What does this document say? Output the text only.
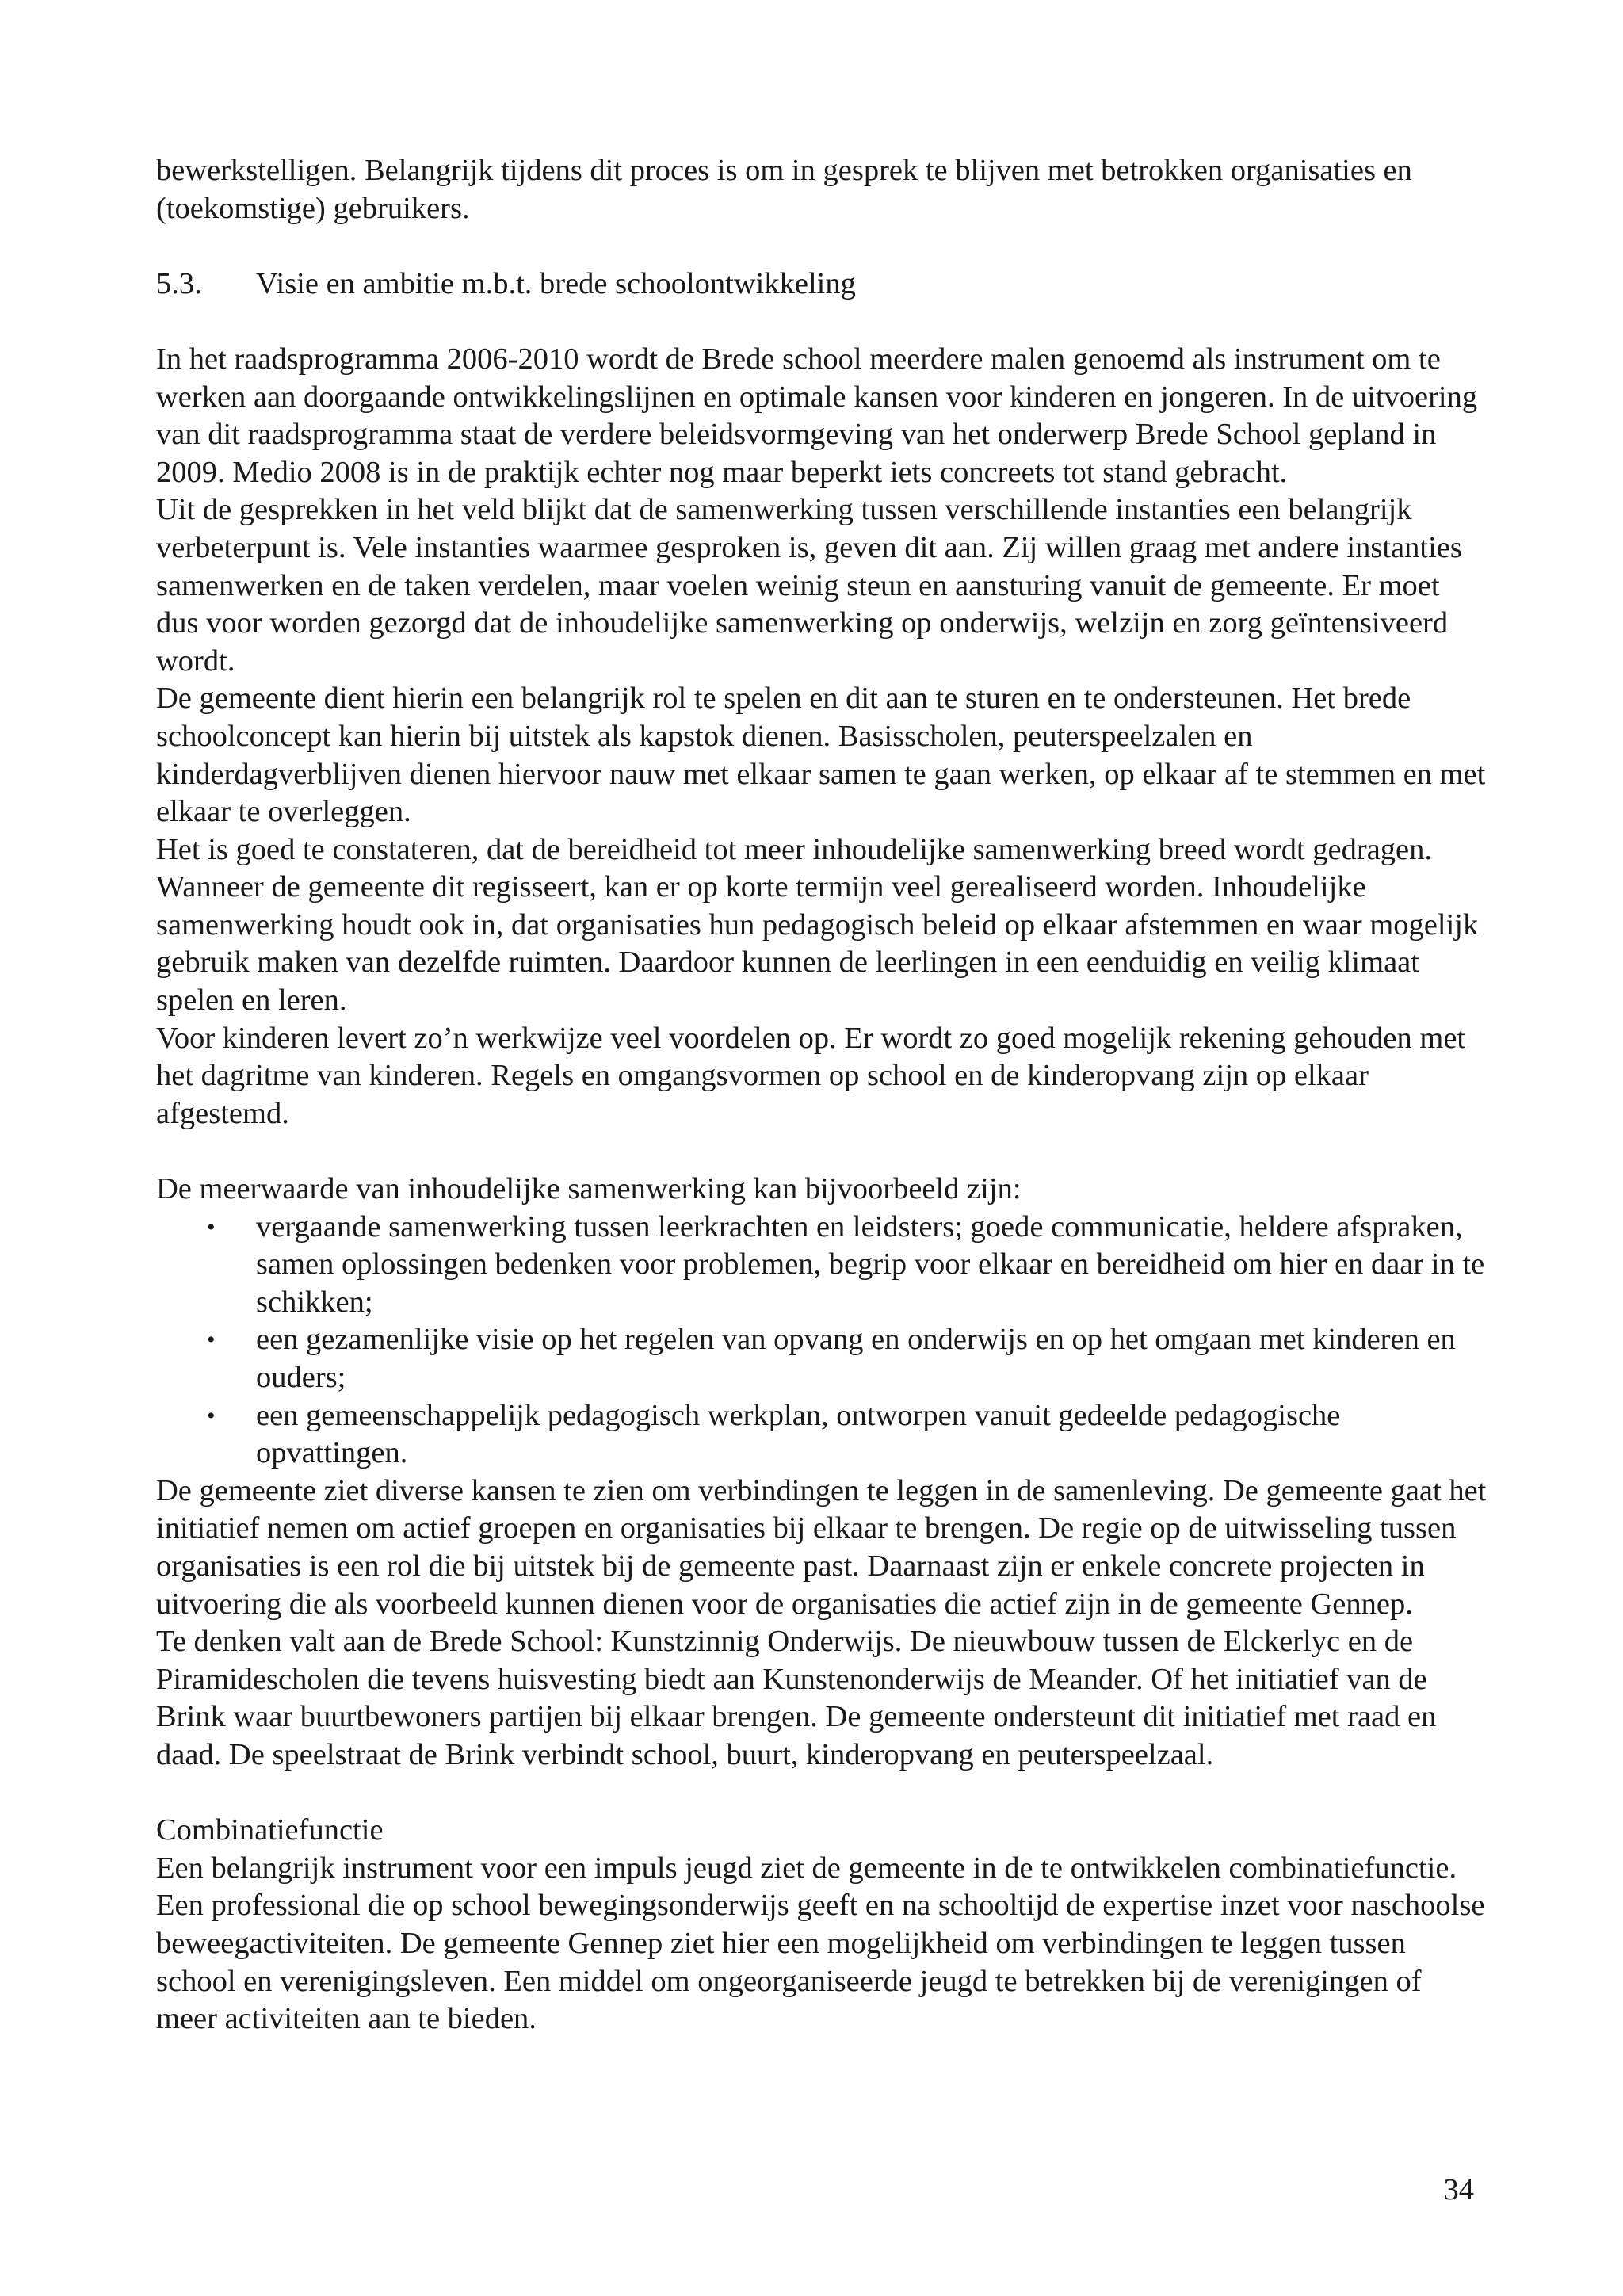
bewerkstelligen. Belangrijk tijdens dit proces is om in gesprek te blijven met betrokken organisaties en (toekomstige) gebruikers.

5.3.	Visie en ambitie m.b.t. brede schoolontwikkeling

In het raadsprogramma 2006-2010 wordt de Brede school meerdere malen genoemd als instrument om te werken aan doorgaande ontwikkelingslijnen en optimale kansen voor kinderen en jongeren. In de uitvoering van dit raadsprogramma staat de verdere beleidsvormgeving van het onderwerp Brede School gepland in 2009. Medio 2008 is in de praktijk echter nog maar beperkt iets concreets tot stand gebracht.

Uit de gesprekken in het veld blijkt dat de samenwerking tussen verschillende instanties een belangrijk verbeterpunt is. Vele instanties waarmee gesproken is, geven dit aan. Zij willen graag met andere instanties samenwerken en de taken verdelen, maar voelen weinig steun en aansturing vanuit de gemeente. Er moet dus voor worden gezorgd dat de inhoudelijke samenwerking op onderwijs, welzijn en zorg geïntensiveerd wordt.

De gemeente dient hierin een belangrijk rol te spelen en dit aan te sturen en te ondersteunen. Het brede schoolconcept kan hierin bij uitstek als kapstok dienen. Basisscholen, peuterspeelzalen en kinderdagverblijven dienen hiervoor nauw met elkaar samen te gaan werken, op elkaar af te stemmen en met elkaar te overleggen.

Het is goed te constateren, dat de bereidheid tot meer inhoudelijke samenwerking breed wordt gedragen. Wanneer de gemeente dit regisseert, kan er op korte termijn veel gerealiseerd worden. Inhoudelijke samenwerking houdt ook in, dat organisaties hun pedagogisch beleid op elkaar afstemmen en waar mogelijk gebruik maken van dezelfde ruimten. Daardoor kunnen de leerlingen in een eenduidig en veilig klimaat spelen en leren.

Voor kinderen levert zo’n werkwijze veel voordelen op. Er wordt zo goed mogelijk rekening gehouden met het dagritme van kinderen. Regels en omgangsvormen op school en de kinderopvang zijn op elkaar afgestemd.

De meerwaarde van inhoudelijke samenwerking kan bijvoorbeeld zijn:

• vergaande samenwerking tussen leerkrachten en leidsters; goede communicatie, heldere afspraken, samen oplossingen bedenken voor problemen, begrip voor elkaar en bereidheid om hier en daar in te schikken;
• een gezamenlijke visie op het regelen van opvang en onderwijs en op het omgaan met kinderen en ouders;
• een gemeenschappelijk pedagogisch werkplan, ontworpen vanuit gedeelde pedagogische opvattingen.

De gemeente ziet diverse kansen te zien om verbindingen te leggen in de samenleving. De gemeente gaat het initiatief nemen om actief groepen en organisaties bij elkaar te brengen. De regie op de uitwisseling tussen organisaties is een rol die bij uitstek bij de gemeente past. Daarnaast zijn er enkele concrete projecten in uitvoering die als voorbeeld kunnen dienen voor de organisaties die actief zijn in de gemeente Gennep.

Te denken valt aan de Brede School: Kunstzinnig Onderwijs. De nieuwbouw tussen de Elckerlyc en de Piramidescholen die tevens huisvesting biedt aan Kunstenonderwijs de Meander. Of het initiatief van de Brink waar buurtbewoners partijen bij elkaar brengen. De gemeente ondersteunt dit initiatief met raad en daad. De speelstraat de Brink verbindt school, buurt, kinderopvang en peuterspeelzaal.

Combinatiefunctie

Een belangrijk instrument voor een impuls jeugd ziet de gemeente in de te ontwikkelen combinatiefunctie. Een professional die op school bewegingsonderwijs geeft en na schooltijd de expertise inzet voor naschoolse beweegactiviteiten. De gemeente Gennep ziet hier een mogelijkheid om verbindingen te leggen tussen school en verenigingsleven. Een middel om ongeorganiseerde jeugd te betrekken bij de verenigingen of meer activiteiten aan te bieden.

34
